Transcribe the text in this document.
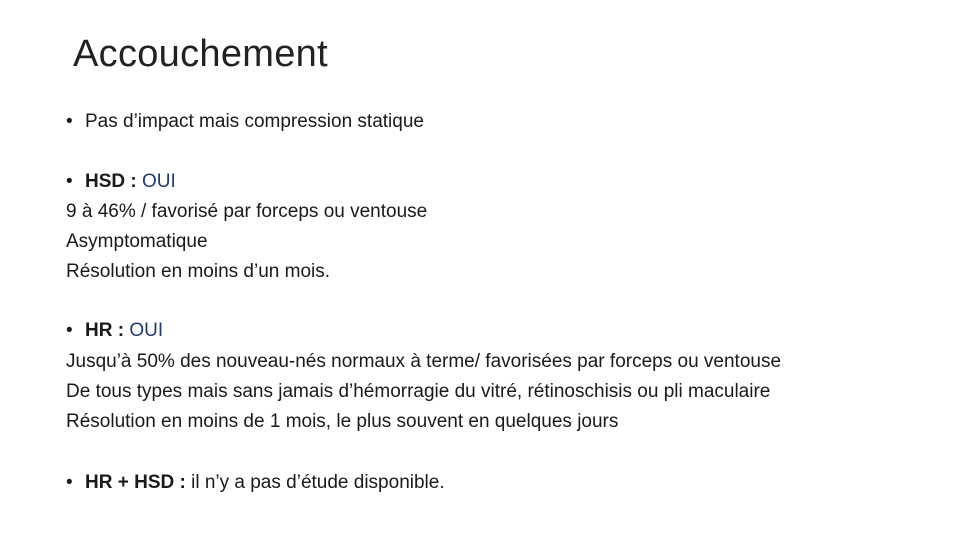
Accouchement
• Pas d’impact mais compression statique
• HSD : OUI
9 à 46% / favorisé par forceps ou ventouse
Asymptomatique
Résolution en moins d’un mois.
• HR : OUI
Jusqu’à 50% des nouveau-nés normaux à terme/ favorisées par forceps ou ventouse
De tous types mais sans jamais d’hémorragie du vitré, rétinoschisis ou pli maculaire
Résolution en moins de 1 mois, le plus souvent en quelques jours
• HR + HSD : il n’y a pas d’étude disponible.
